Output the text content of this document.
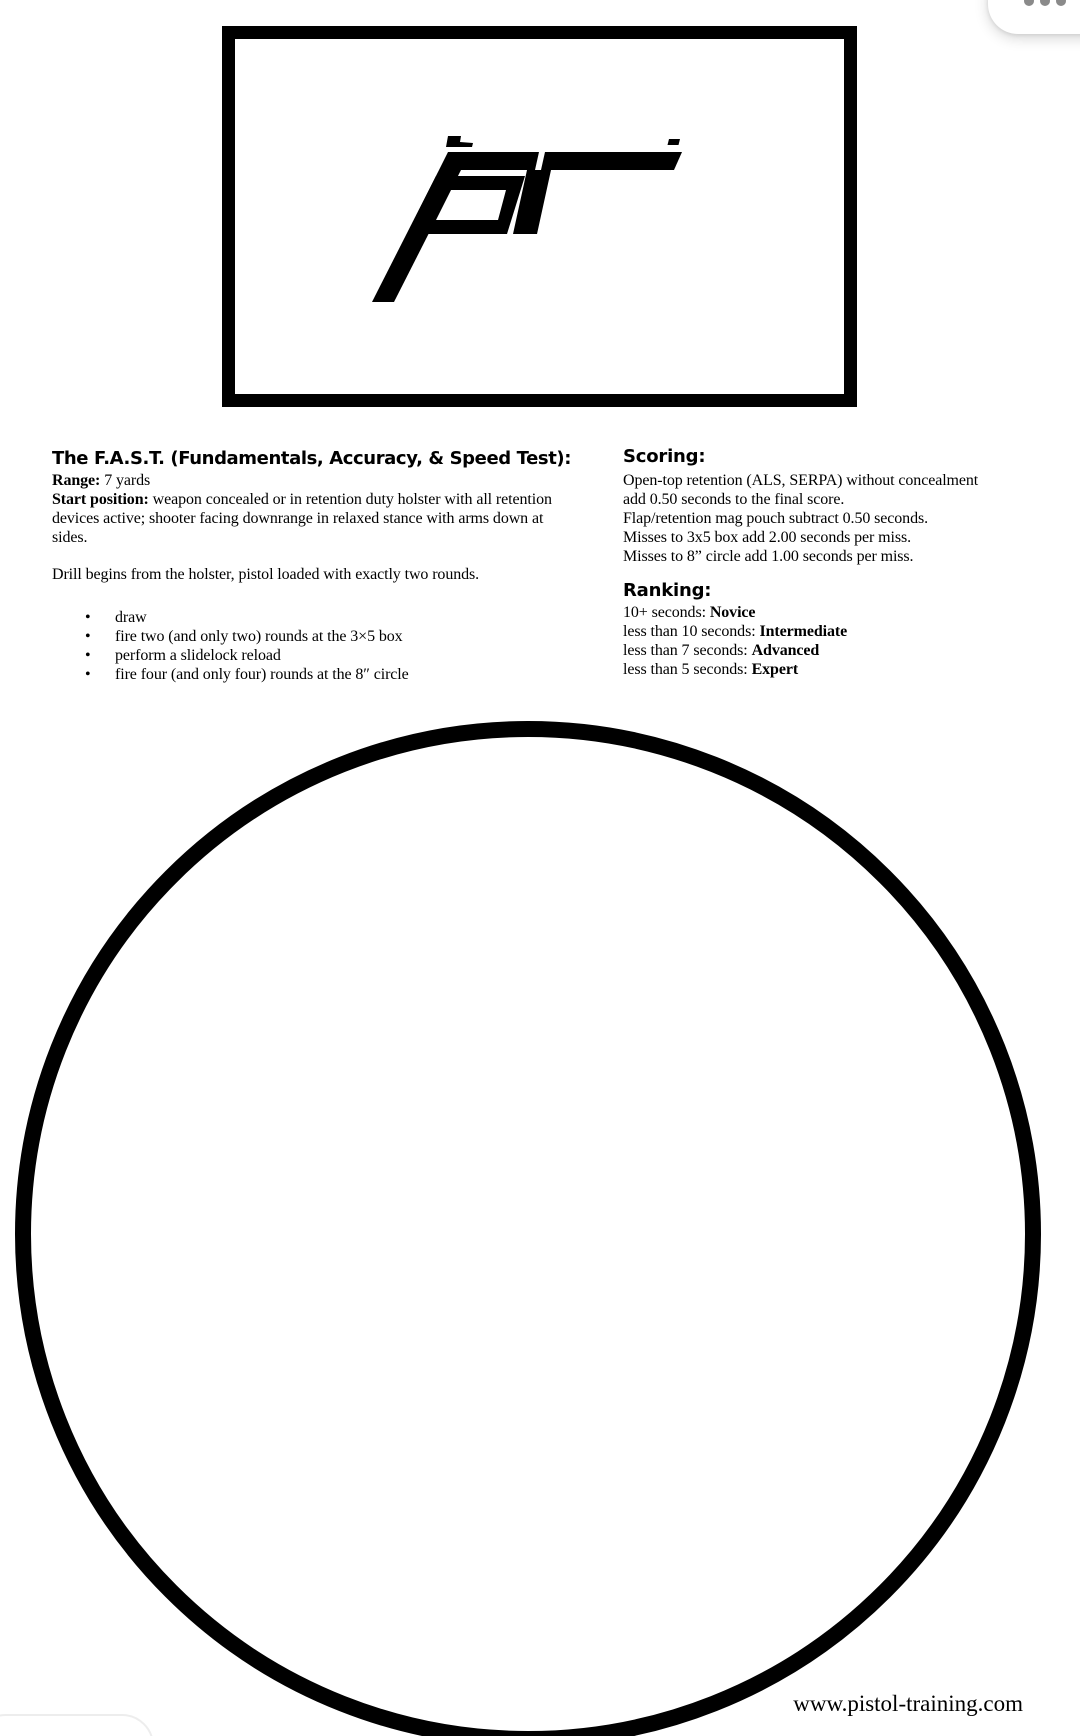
The F.A.S.T. (Fundamentals, Accuracy, & Speed Test):
Range: 7 yards
Start position: weapon concealed or in retention duty holster with all retention
devices active; shooter facing downrange in relaxed stance with arms down at
sides.
Drill begins from the holster, pistol loaded with exactly two rounds.
• draw
• fire two (and only two) rounds at the 3×5 box
• perform a slidelock reload
• fire four (and only four) rounds at the 8″ circle
Scoring:
Open-top retention (ALS, SERPA) without concealment
add 0.50 seconds to the final score.
Flap/retention mag pouch subtract 0.50 seconds.
Misses to 3x5 box add 2.00 seconds per miss.
Misses to 8” circle add 1.00 seconds per miss.
Ranking:
10+ seconds: Novice
less than 10 seconds: Intermediate
less than 7 seconds: Advanced
less than 5 seconds: Expert
www.pistol-training.com
